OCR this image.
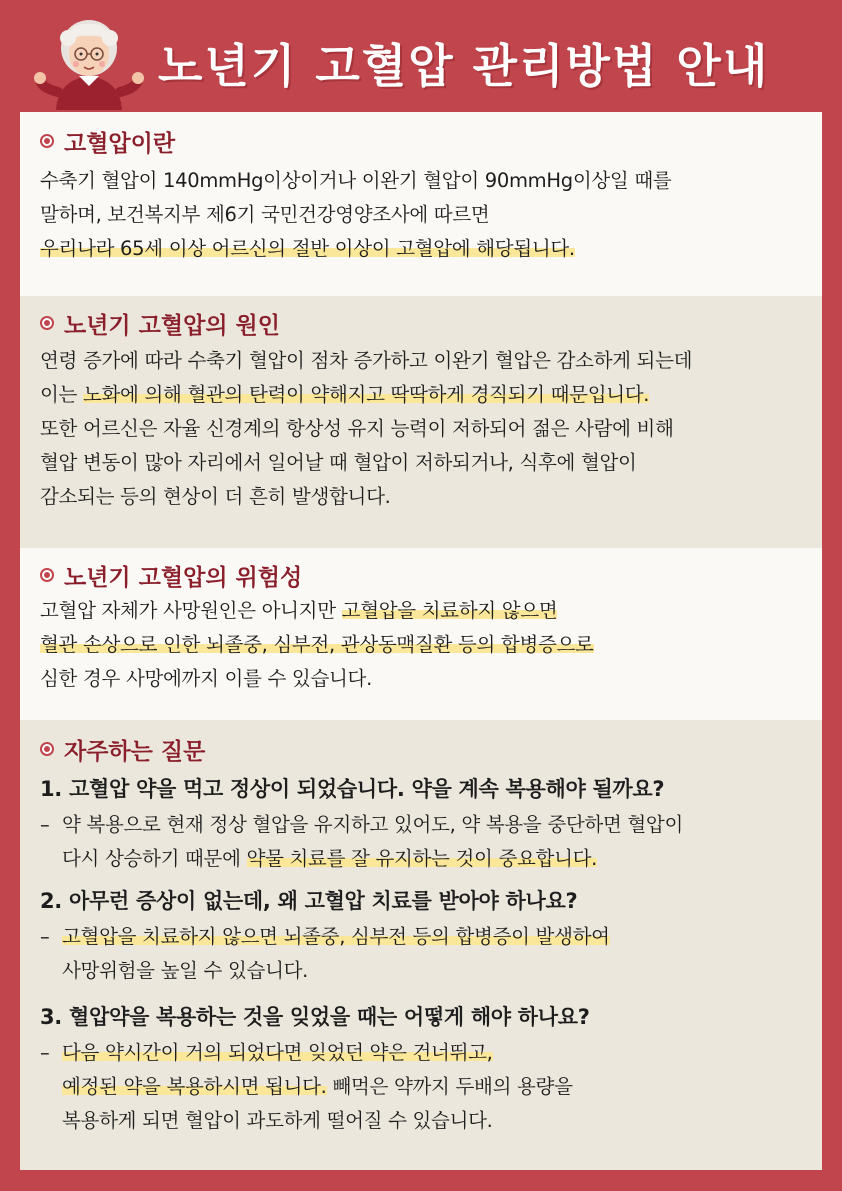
노년기 고혈압 관리방법 안내
고혈압이란
수축기 혈압이 140mmHg이상이거나 이완기 혈압이 90mmHg이상일 때를
말하며, 보건복지부 제6기 국민건강영양조사에 따르면
우리나라 65세 이상 어르신의 절반 이상이 고혈압에 해당됩니다.
노년기 고혈압의 원인
연령 증가에 따라 수축기 혈압이 점차 증가하고 이완기 혈압은 감소하게 되는데
이는 노화에 의해 혈관의 탄력이 약해지고 딱딱하게 경직되기 때문입니다.
또한 어르신은 자율 신경계의 항상성 유지 능력이 저하되어 젊은 사람에 비해
혈압 변동이 많아 자리에서 일어날 때 혈압이 저하되거나, 식후에 혈압이
감소되는 등의 현상이 더 흔히 발생합니다.
노년기 고혈압의 위험성
고혈압 자체가 사망원인은 아니지만 고혈압을 치료하지 않으면
혈관 손상으로 인한 뇌졸중, 심부전, 관상동맥질환 등의 합병증으로
심한 경우 사망에까지 이를 수 있습니다.
자주하는 질문
1. 고혈압 약을 먹고 정상이 되었습니다. 약을 계속 복용해야 될까요?
– 약 복용으로 현재 정상 혈압을 유지하고 있어도, 약 복용을 중단하면 혈압이
다시 상승하기 때문에 약물 치료를 잘 유지하는 것이 중요합니다.
2. 아무런 증상이 없는데, 왜 고혈압 치료를 받아야 하나요?
– 고혈압을 치료하지 않으면 뇌졸중, 심부전 등의 합병증이 발생하여
사망위험을 높일 수 있습니다.
3. 혈압약을 복용하는 것을 잊었을 때는 어떻게 해야 하나요?
– 다음 약시간이 거의 되었다면 잊었던 약은 건너뛰고,
예정된 약을 복용하시면 됩니다. 빼먹은 약까지 두배의 용량을
복용하게 되면 혈압이 과도하게 떨어질 수 있습니다.
